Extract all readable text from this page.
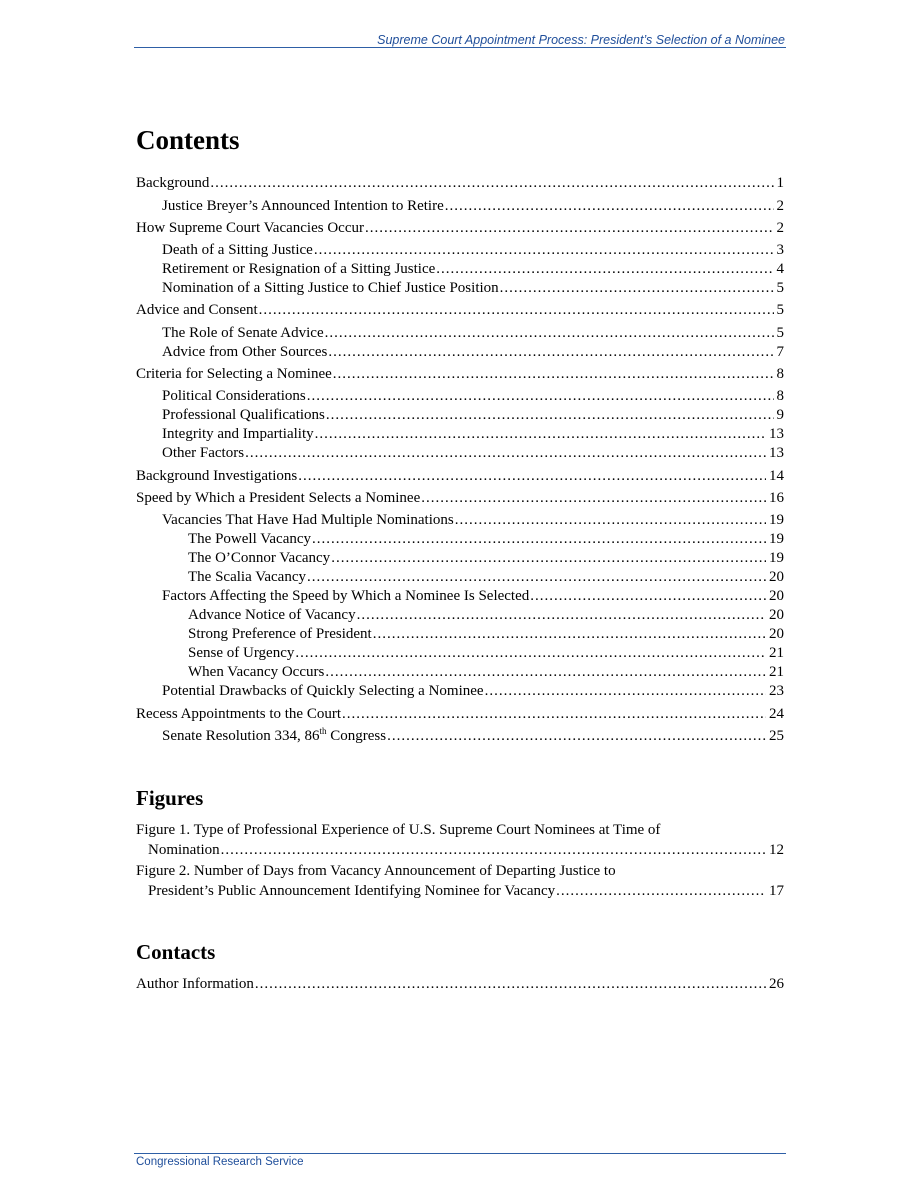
Supreme Court Appointment Process: President’s Selection of a Nominee
Contents
Background .....	1
Justice Breyer’s Announced Intention to Retire .....	2
How Supreme Court Vacancies Occur .....	2
Death of a Sitting Justice .....	3
Retirement or Resignation of a Sitting Justice .....	4
Nomination of a Sitting Justice to Chief Justice Position .....	5
Advice and Consent .....	5
The Role of Senate Advice .....	5
Advice from Other Sources .....	7
Criteria for Selecting a Nominee .....	8
Political Considerations .....	8
Professional Qualifications .....	9
Integrity and Impartiality .....	13
Other Factors .....	13
Background Investigations .....	14
Speed by Which a President Selects a Nominee .....	16
Vacancies That Have Had Multiple Nominations .....	19
The Powell Vacancy .....	19
The O’Connor Vacancy .....	19
The Scalia Vacancy .....	20
Factors Affecting the Speed by Which a Nominee Is Selected .....	20
Advance Notice of Vacancy .....	20
Strong Preference of President .....	20
Sense of Urgency .....	21
When Vacancy Occurs .....	21
Potential Drawbacks of Quickly Selecting a Nominee .....	23
Recess Appointments to the Court .....	24
Senate Resolution 334, 86th Congress .....	25
Figures
Figure 1. Type of Professional Experience of U.S. Supreme Court Nominees at Time of
Nomination .....	12
Figure 2. Number of Days from Vacancy Announcement of Departing Justice to
President’s Public Announcement Identifying Nominee for Vacancy .....	17
Contacts
Author Information .....	26
Congressional Research Service
